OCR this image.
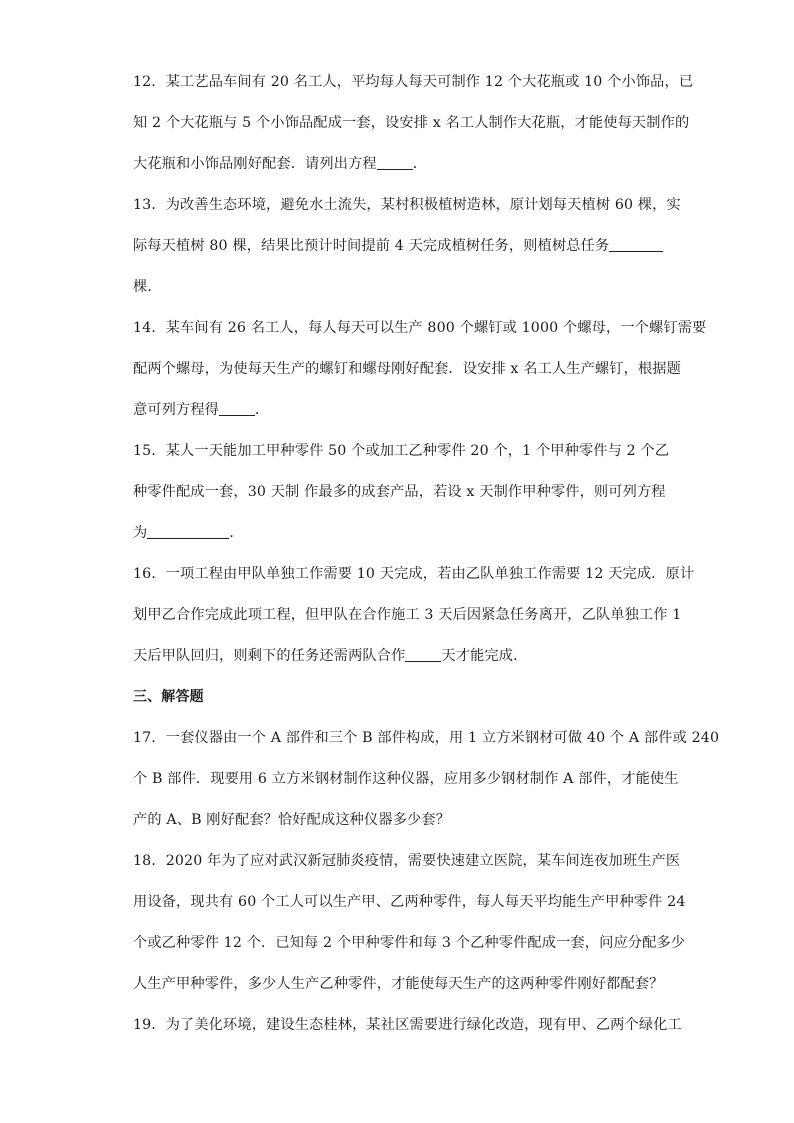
12．某工艺品车间有 20 名工人，平均每人每天可制作 12 个大花瓶或 10 个小饰品，已
知 2 个大花瓶与 5 个小饰品配成一套，设安排 x 名工人制作大花瓶，才能使每天制作的
大花瓶和小饰品刚好配套．请列出方程	．
13．为改善生态环境，避免水土流失，某村积极植树造林，原计划每天植树 60 棵，实
际每天植树 80 棵，结果比预计时间提前 4 天完成植树任务，则植树总任务
棵．
14．某车间有 26 名工人，每人每天可以生产 800 个螺钉或 1000 个螺母，一个螺钉需要
配两个螺母，为使每天生产的螺钉和螺母刚好配套．设安排 x 名工人生产螺钉，根据题
意可列方程得	．
15．某人一天能加工甲种零件 50 个或加工乙种零件 20 个，1 个甲种零件与 2 个乙
种零件配成一套，30 天制 作最多的成套产品，若设 x 天制作甲种零件，则可列方程
为	．
16．一项工程由甲队单独工作需要 10 天完成，若由乙队单独工作需要 12 天完成．原计
划甲乙合作完成此项工程，但甲队在合作施工 3 天后因紧急任务离开，乙队单独工作 1
天后甲队回归，则剩下的任务还需两队合作	天才能完成．

三、解答题

17．一套仪器由一个 A 部件和三个 B 部件构成，用 1 立方米钢材可做 40 个 A 部件或 240
个 B 部件．现要用 6 立方米钢材制作这种仪器，应用多少钢材制作 A 部件，才能使生
产的 A、B 刚好配套？恰好配成这种仪器多少套？
18．2020 年为了应对武汉新冠肺炎疫情，需要快速建立医院，某车间连夜加班生产医
用设备，现共有 60 个工人可以生产甲、乙两种零件，每人每天平均能生产甲种零件 24
个或乙种零件 12 个．已知每 2 个甲种零件和每 3 个乙种零件配成一套，问应分配多少
人生产甲种零件，多少人生产乙种零件，才能使每天生产的这两种零件刚好都配套？
19．为了美化环境，建设生态桂林，某社区需要进行绿化改造，现有甲、乙两个绿化工
